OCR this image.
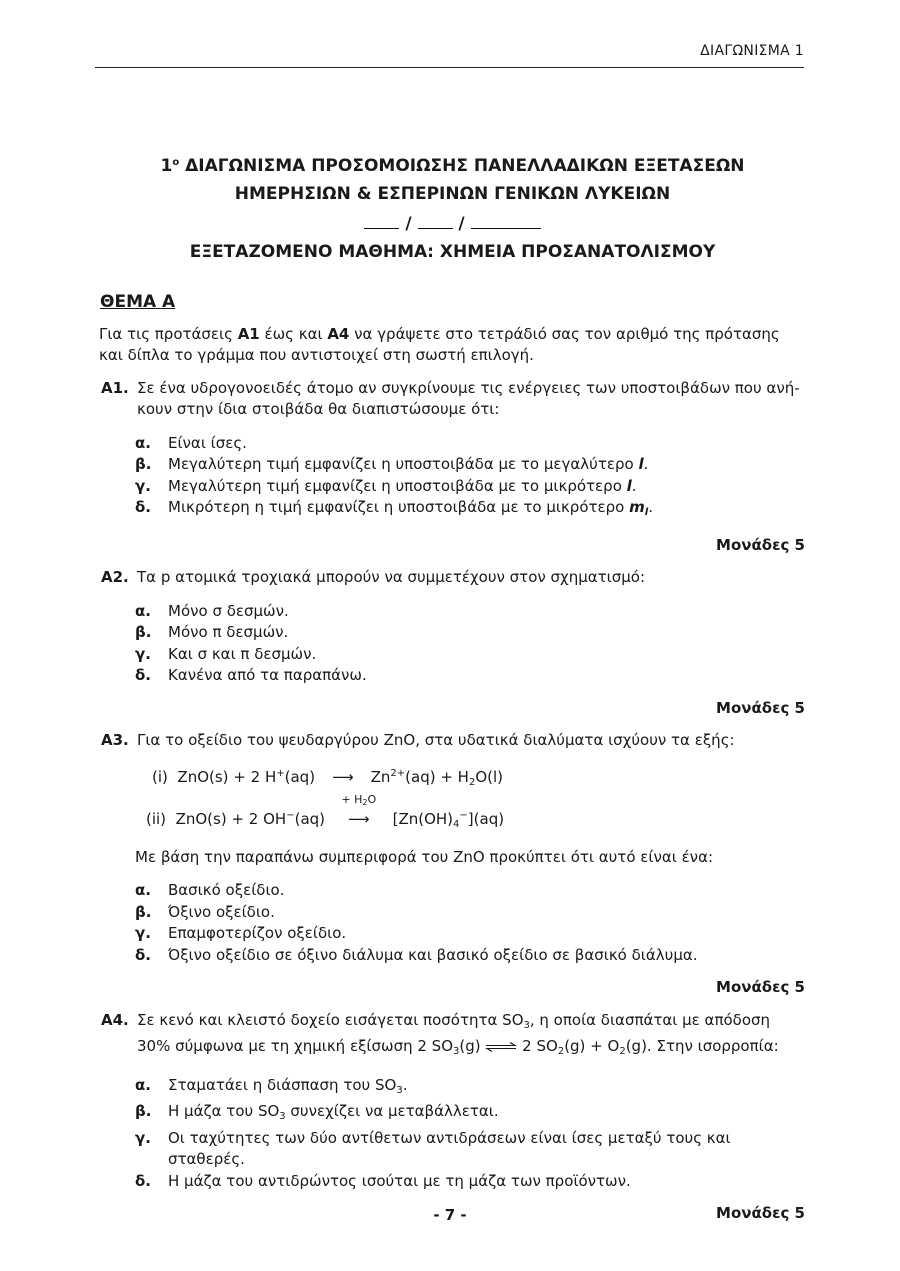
ΔΙΑΓΩΝΙΣΜΑ 1
$1^o$ ΔΙΑΓΩΝΙΣΜΑ ΠΡΟΣΟΜΟΙΩΣΗΣ ΠΑΝΕΛΛΑΔΙΚΩΝ ΕΞΕΤΑΣΕΩΝ
ΗΜΕΡΗΣΙΩΝ & ΕΣΠΕΡΙΝΩΝ ΓΕΝΙΚΩΝ ΛΥΚΕΙΩΝ
/	/
ΕΞΕΤΑΖΟΜΕΝΟ ΜΑΘΗΜΑ: ΧΗΜΕΙΑ ΠΡΟΣΑΝΑΤΟΛΙΣΜΟΥ
ΘΕΜΑ Α
Για τις προτάσεις Α1 έως και Α4 να γράψετε στο τετράδιό σας τον αριθμό της πρότασης και δίπλα το γράμμα που αντιστοιχεί στη σωστή επιλογή.
Α1. Σε ένα υδρογονοειδές άτομο αν συγκρίνουμε τις ενέργειες των υποστοιβάδων που ανή-κουν στην ίδια στοιβάδα θα διαπιστώσουμε ότι:
α.	Είναι ίσες.
β.	Μεγαλύτερη τιμή εμφανίζει η υποστοιβάδα με το μεγαλύτερο l.
γ.	Μεγαλύτερη τιμή εμφανίζει η υποστοιβάδα με το μικρότερο l.
δ.	Μικρότερη η τιμή εμφανίζει η υποστοιβάδα με το μικρότερο $m_l$.
Μονάδες 5
Α2. Τα p ατομικά τροχιακά μπορούν να συμμετέχουν στον σχηματισμό:
α.	Μόνο σ δεσμών.
β.	Μόνο π δεσμών.
γ.	Και σ και π δεσμών.
δ.	Κανένα από τα παραπάνω.
Μονάδες 5
Α3. Για το οξείδιο του ψευδαργύρου ZnO, στα υδατικά διαλύματα ισχύουν τα εξής:
(i) ZnO(s) + 2 H+(aq) ⟶ $Zn^{2+}(aq) + H_2O(l)$
(ii) ZnO(s) + 2 OH−(aq)
+ $H_2O$
⟶ $[Zn(OH)_4^-](aq)$
Με βάση την παραπάνω συμπεριφορά του ZnO προκύπτει ότι αυτό είναι ένα:
α.	Βασικό οξείδιο.
β.	Όξινο οξείδιο.
γ.	Επαμφοτερίζον οξείδιο.
δ.	Όξινο οξείδιο σε όξινο διάλυμα και βασικό οξείδιο σε βασικό διάλυμα.
Μονάδες 5
Α4. Σε κενό και κλειστό δοχείο εισάγεται ποσότητα $SO_3$, η οποία διασπάται με απόδοση 30% σύμφωνα με τη χημική εξίσωση 2 $SO_3(g)$ ⇌ 2 $SO_2(g) + O_2(g)$. Στην ισορροπία:
α.	Σταματάει η διάσπαση του $SO_3$.
β.	Η μάζα του $SO_3$ συνεχίζει να μεταβάλλεται.
γ.	Οι ταχύτητες των δύο αντίθετων αντιδράσεων είναι ίσες μεταξύ τους και σταθερές.
δ.	Η μάζα του αντιδρώντος ισούται με τη μάζα των προϊόντων.
Μονάδες 5
- 7 -
